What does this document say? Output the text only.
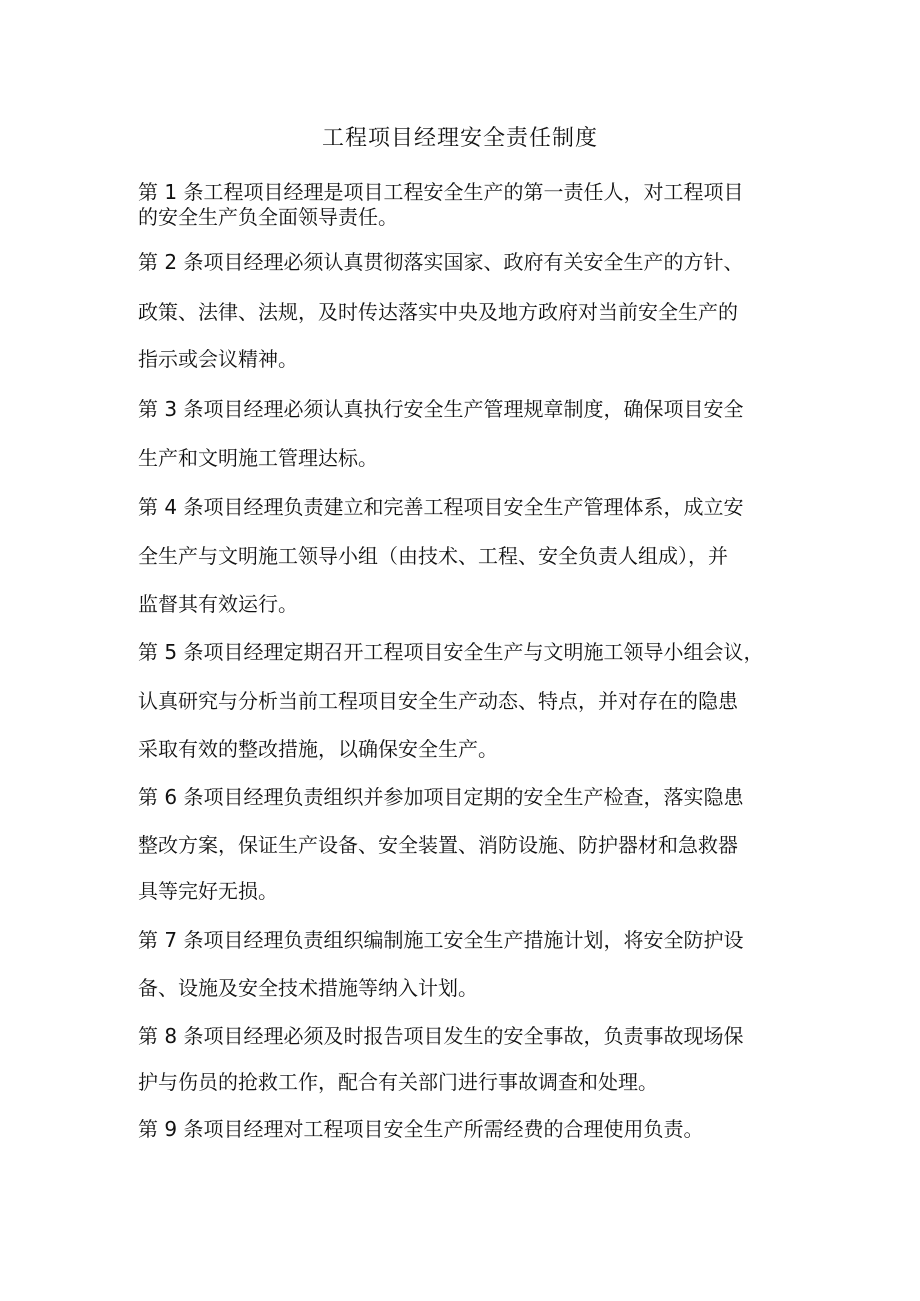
工程项目经理安全责任制度
第 1 条工程项目经理是项目工程安全生产的第一责任人，对工程项目
的安全生产负全面领导责任。
第 2 条项目经理必须认真贯彻落实国家、政府有关安全生产的方针、
政策、法律、法规，及时传达落实中央及地方政府对当前安全生产的
指示或会议精神。
第 3 条项目经理必须认真执行安全生产管理规章制度，确保项目安全
生产和文明施工管理达标。
第 4 条项目经理负责建立和完善工程项目安全生产管理体系，成立安
全生产与文明施工领导小组（由技术、工程、安全负责人组成），并
监督其有效运行。
第 5 条项目经理定期召开工程项目安全生产与文明施工领导小组会议，
认真研究与分析当前工程项目安全生产动态、特点，并对存在的隐患
采取有效的整改措施，以确保安全生产。
第 6 条项目经理负责组织并参加项目定期的安全生产检查，落实隐患
整改方案，保证生产设备、安全装置、消防设施、防护器材和急救器
具等完好无损。
第 7 条项目经理负责组织编制施工安全生产措施计划，将安全防护设
备、设施及安全技术措施等纳入计划。
第 8 条项目经理必须及时报告项目发生的安全事故，负责事故现场保
护与伤员的抢救工作，配合有关部门进行事故调查和处理。
第 9 条项目经理对工程项目安全生产所需经费的合理使用负责。
